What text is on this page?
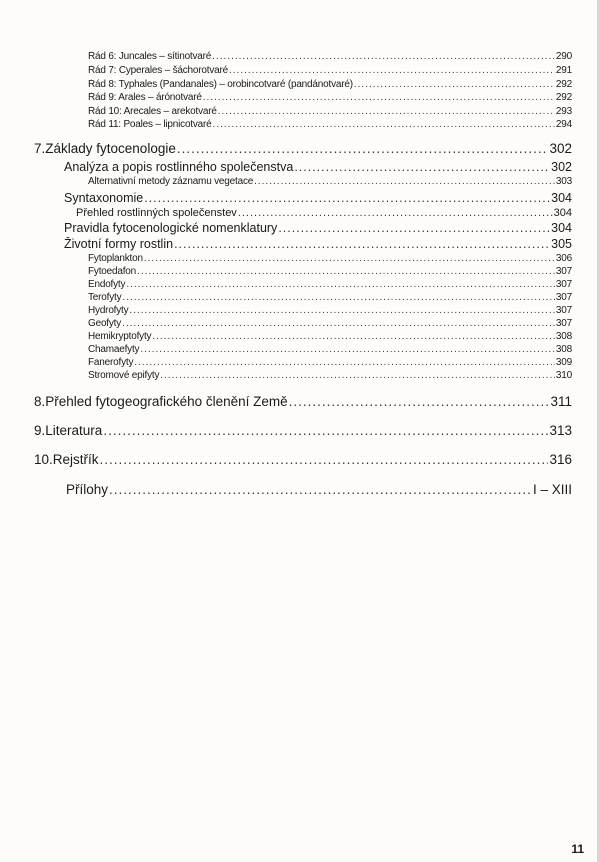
Řád 6: Juncales – sítinotvaré .....	290
Řád 7: Cyperales – šáchorotvaré .....	291
Řád 8: Typhales (Pandanales) – orobincotvaré (pandánotvaré) .....	292
Řád 9: Arales – árónotvaré .....	292
Řád 10: Arecales – arekotvaré .....	293
Řád 11: Poales – lipnicotvaré .....	294
7. Základy fytocenologie .....	302
Analýza a popis rostlinného společenstva .....	302
Alternativní metody záznamu vegetace .....	303
Syntaxonomie .....	304
Přehled rostlinných společenstev .....	304
Pravidla fytocenologické nomenklatury .....	304
Životní formy rostlin .....	305
Fytoplankton .....	306
Fytoedafon .....	307
Endofyty .....	307
Terofyty .....	307
Hydrofyty .....	307
Geofyty .....	307
Hemikryptofyty .....	308
Chamaefyty .....	308
Fanerofyty .....	309
Stromové epifyty .....	310
8. Přehled fytogeografického členění Země .....	311
9. Literatura .....	313
10. Rejstřík .....	316
Přílohy .....	I – XIII
11
